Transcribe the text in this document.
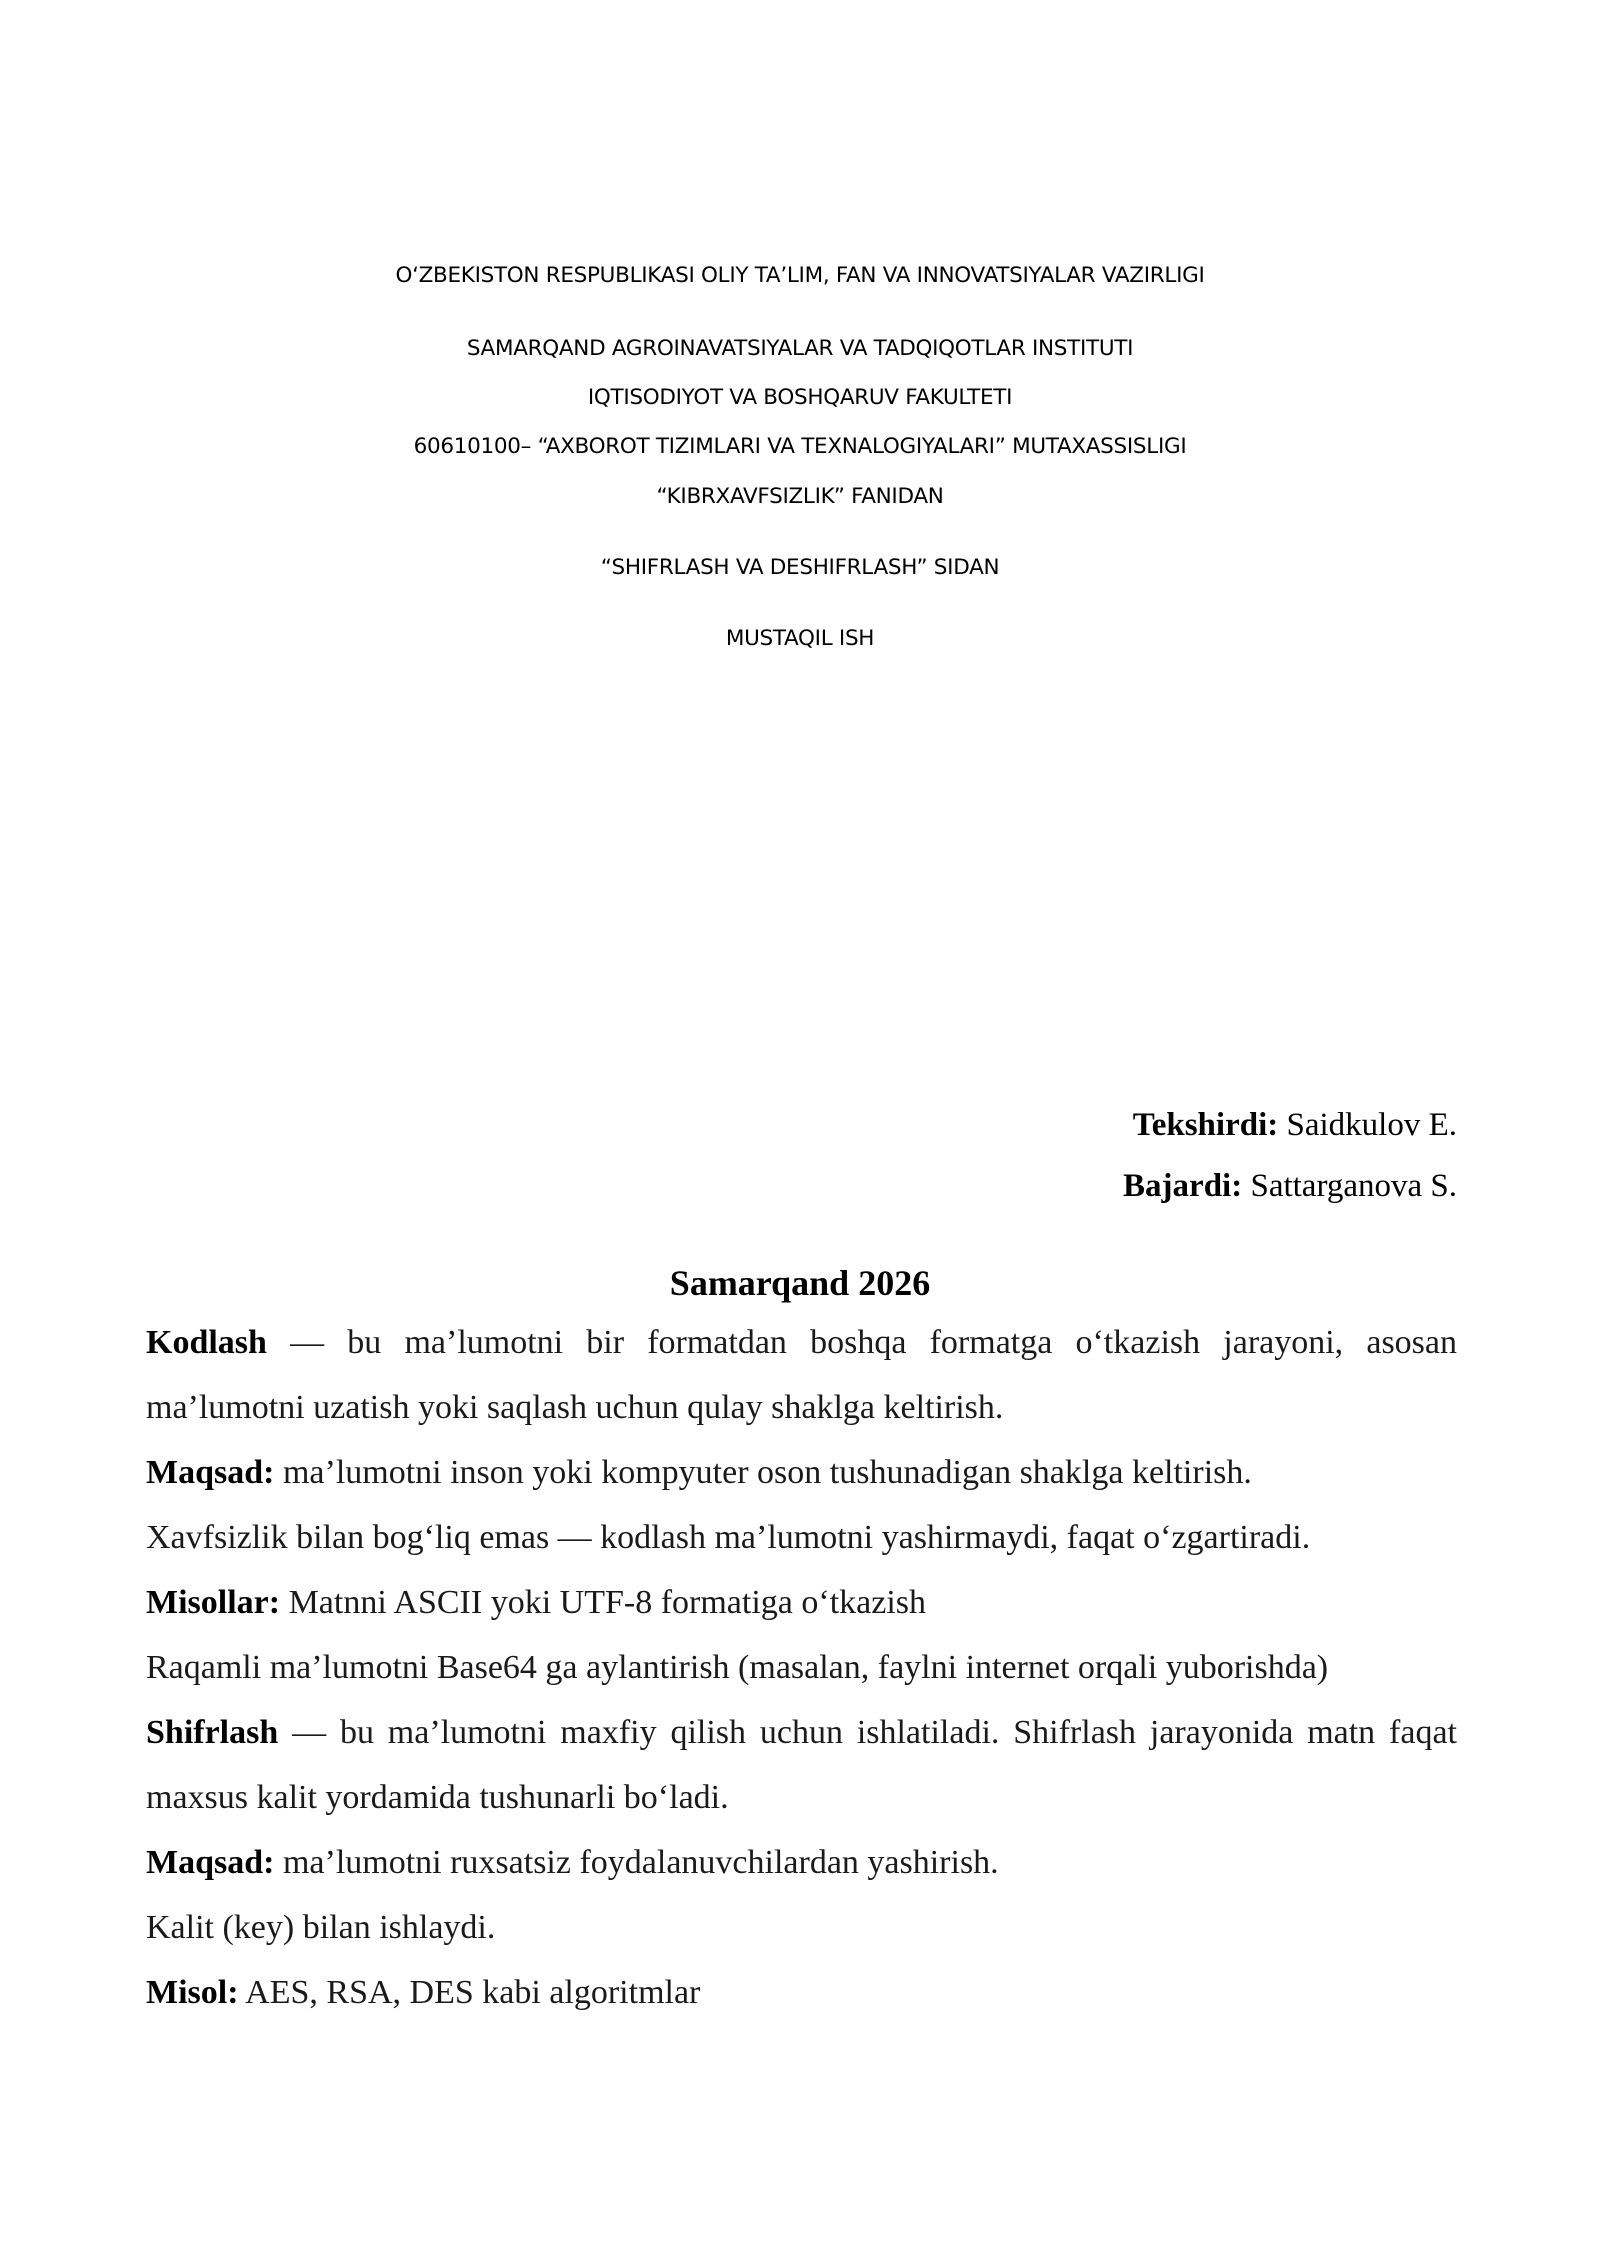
O‘ZBEKISTON RESPUBLIKASI OLIY TA’LIM, FAN VA INNOVATSIYALAR VAZIRLIGI
SAMARQAND AGROINAVATSIYALAR VA TADQIQOTLAR INSTITUTI
IQTISODIYOT VA BOSHQARUV FAKULTETI
60610100– “AXBOROT TIZIMLARI VA TEXNALOGIYALARI” MUTAXASSISLIGI
“KIBRXAVFSIZLIK” FANIDAN
“SHIFRLASH VA DESHIFRLASH” SIDAN
MUSTAQIL ISH
Tekshirdi: Saidkulov E.
Bajardi: Sattarganova S.
Samarqand 2026

Kodlash — bu ma’lumotni bir formatdan boshqa formatga o‘tkazish jarayoni, asosan ma’lumotni uzatish yoki saqlash uchun qulay shaklga keltirish.

Maqsad: ma’lumotni inson yoki kompyuter oson tushunadigan shaklga keltirish.

Xavfsizlik bilan bog‘liq emas — kodlash ma’lumotni yashirmaydi, faqat o‘zgartiradi.

Misollar: Matnni ASCII yoki UTF-8 formatiga o‘tkazish

Raqamli ma’lumotni Base64 ga aylantirish (masalan, faylni internet orqali yuborishda)

Shifrlash — bu ma’lumotni maxfiy qilish uchun ishlatiladi. Shifrlash jarayonida matn faqat maxsus kalit yordamida tushunarli bo‘ladi.

Maqsad: ma’lumotni ruxsatsiz foydalanuvchilardan yashirish.

Kalit (key) bilan ishlaydi.

Misol: AES, RSA, DES kabi algoritmlar
